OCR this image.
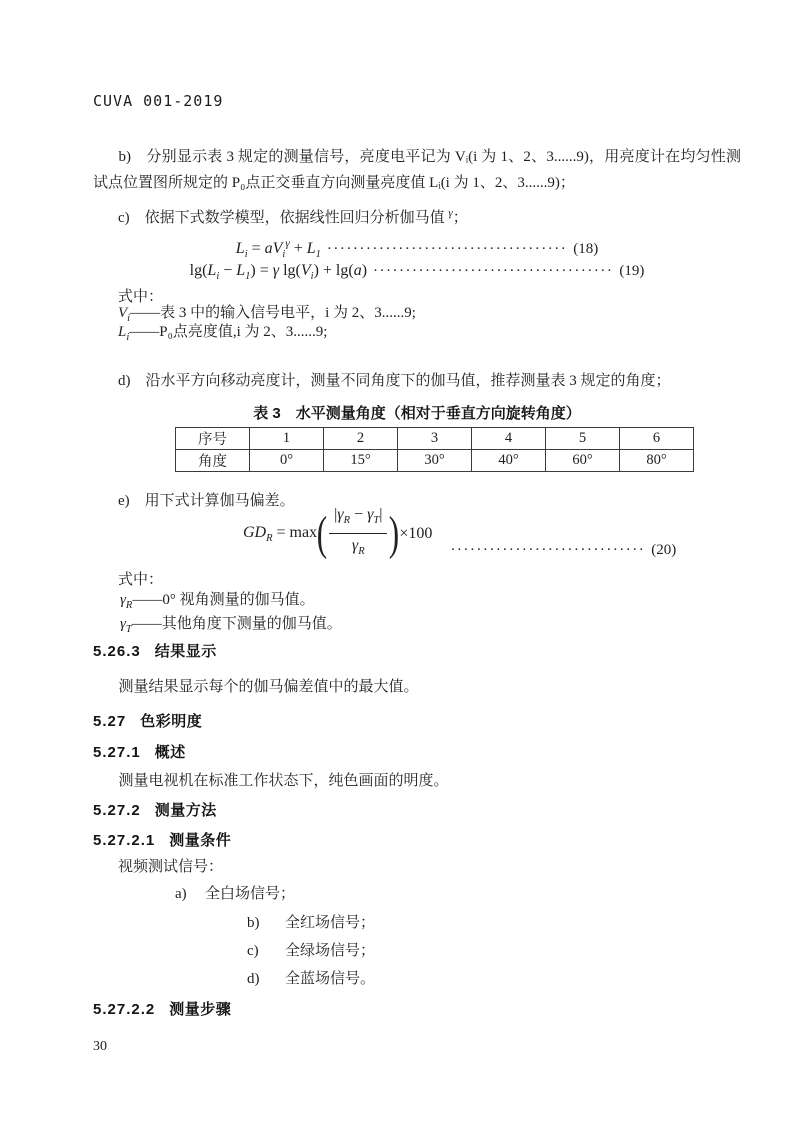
CUVA 001-2019

b)　分别显示表 3 规定的测量信号，亮度电平记为 Vᵢ(i 为 1、2、3......9)，用亮度计在均匀性测试点位置图所规定的 P₀点正交垂直方向测量亮度值 Lᵢ(i 为 1、2、3......9)；

c)　依据下式数学模型，依据线性回归分析伽马值 $^\gamma$；

$L_i = aV_i^\gamma + L_1$ ····································· (18)
$\lg(L_i - L_1) = \gamma$ $\lg(V_i) + \lg(a)$ ····································· (19)

式中：

$V_i——$表 3 中的输入信号电平，i 为 2、3......9;

$L_i——P_0$点亮度值,i 为 2、3......9;

d)　沿水平方向移动亮度计，测量不同角度下的伽马值，推荐测量表 3 规定的角度；

表 3　水平测量角度（相对于垂直方向旋转角度）
序号	1	2	3	4	5	6
角度	0°	15°	30°	40°	60°	80°

e)　用下式计算伽马偏差。

$GD_R = \max$ ( $\frac{|\gamma_R - \gamma_T|}{\gamma_R}$ ) ×100
······························ (20)

式中：

$\gamma_R——0^\circ$ 视角测量的伽马值。

$\gamma_T——$其他角度下测量的伽马值。

5.26.3 结果显示

测量结果显示每个的伽马偏差值中的最大值。

5.27 色彩明度
5.27.1 概述

测量电视机在标准工作状态下，纯色画面的明度。

5.27.2 测量方法
5.27.2.1 测量条件

视频测试信号：

a) 全白场信号；
b) 全红场信号；
c) 全绿场信号；
d) 全蓝场信号。
5.27.2.2 测量步骤
30
